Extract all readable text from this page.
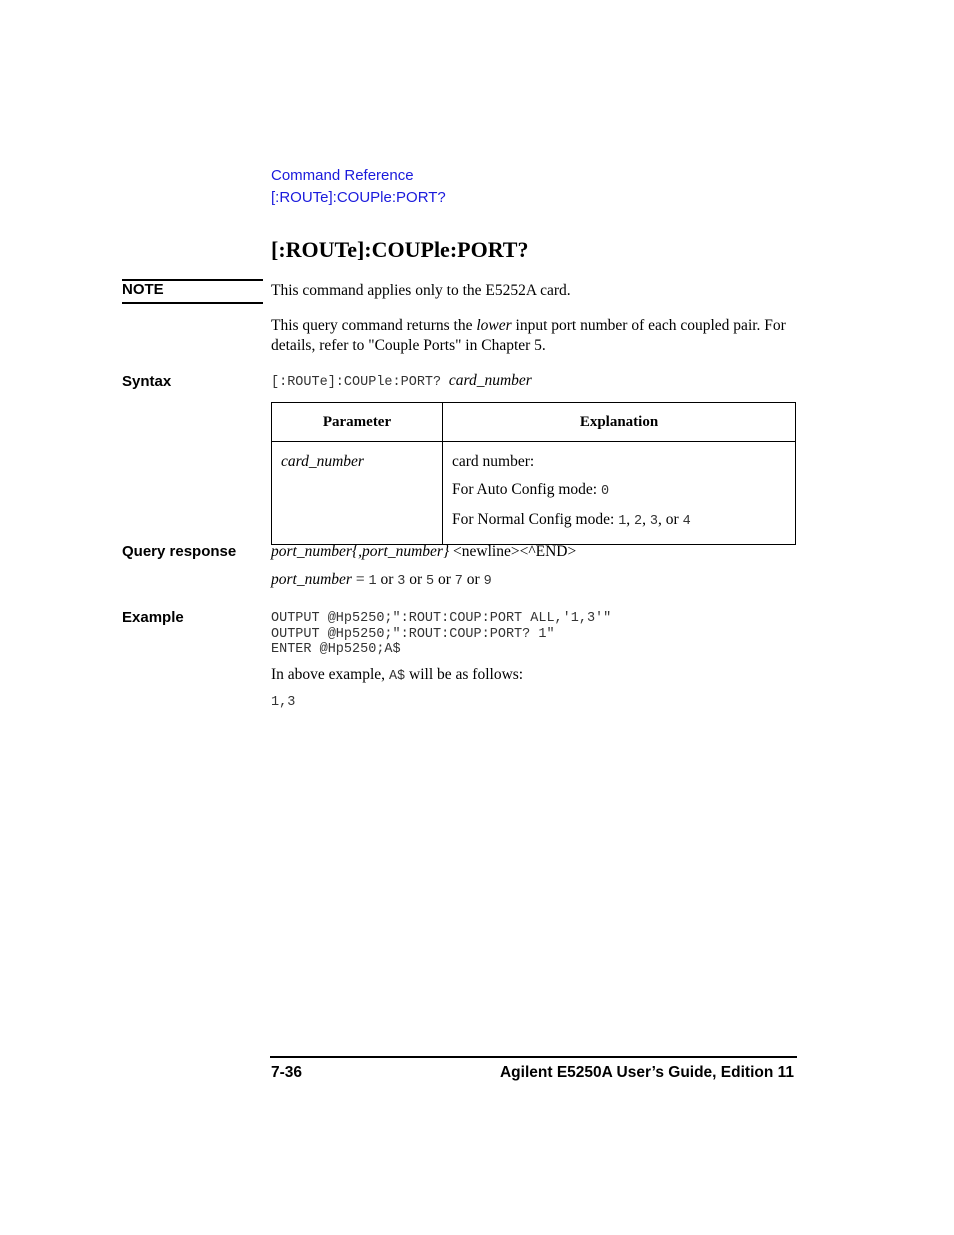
Command Reference
[:ROUTe]:COUPle:PORT?
[:ROUTe]:COUPle:PORT?
NOTE	This command applies only to the E5252A card.
This query command returns the lower input port number of each coupled pair. For details, refer to "Couple Ports" in Chapter 5.
Syntax	[:ROUTe]:COUPle:PORT? card_number
Parameter	Explanation

card_number	card number:
For Auto Config mode: 0
For Normal Config mode: 1, 2, 3, or 4
Query response port_number{,port_number} <newline><^END>
port_number = 1 or 3 or 5 or 7 or 9
Example	OUTPUT @Hp5250;":ROUT:COUP:PORT ALL,'1,3'"
OUTPUT @Hp5250;":ROUT:COUP:PORT? 1"
ENTER @Hp5250;A$
In above example, A$ will be as follows:
1,3
7-36	Agilent E5250A User’s Guide, Edition 11
